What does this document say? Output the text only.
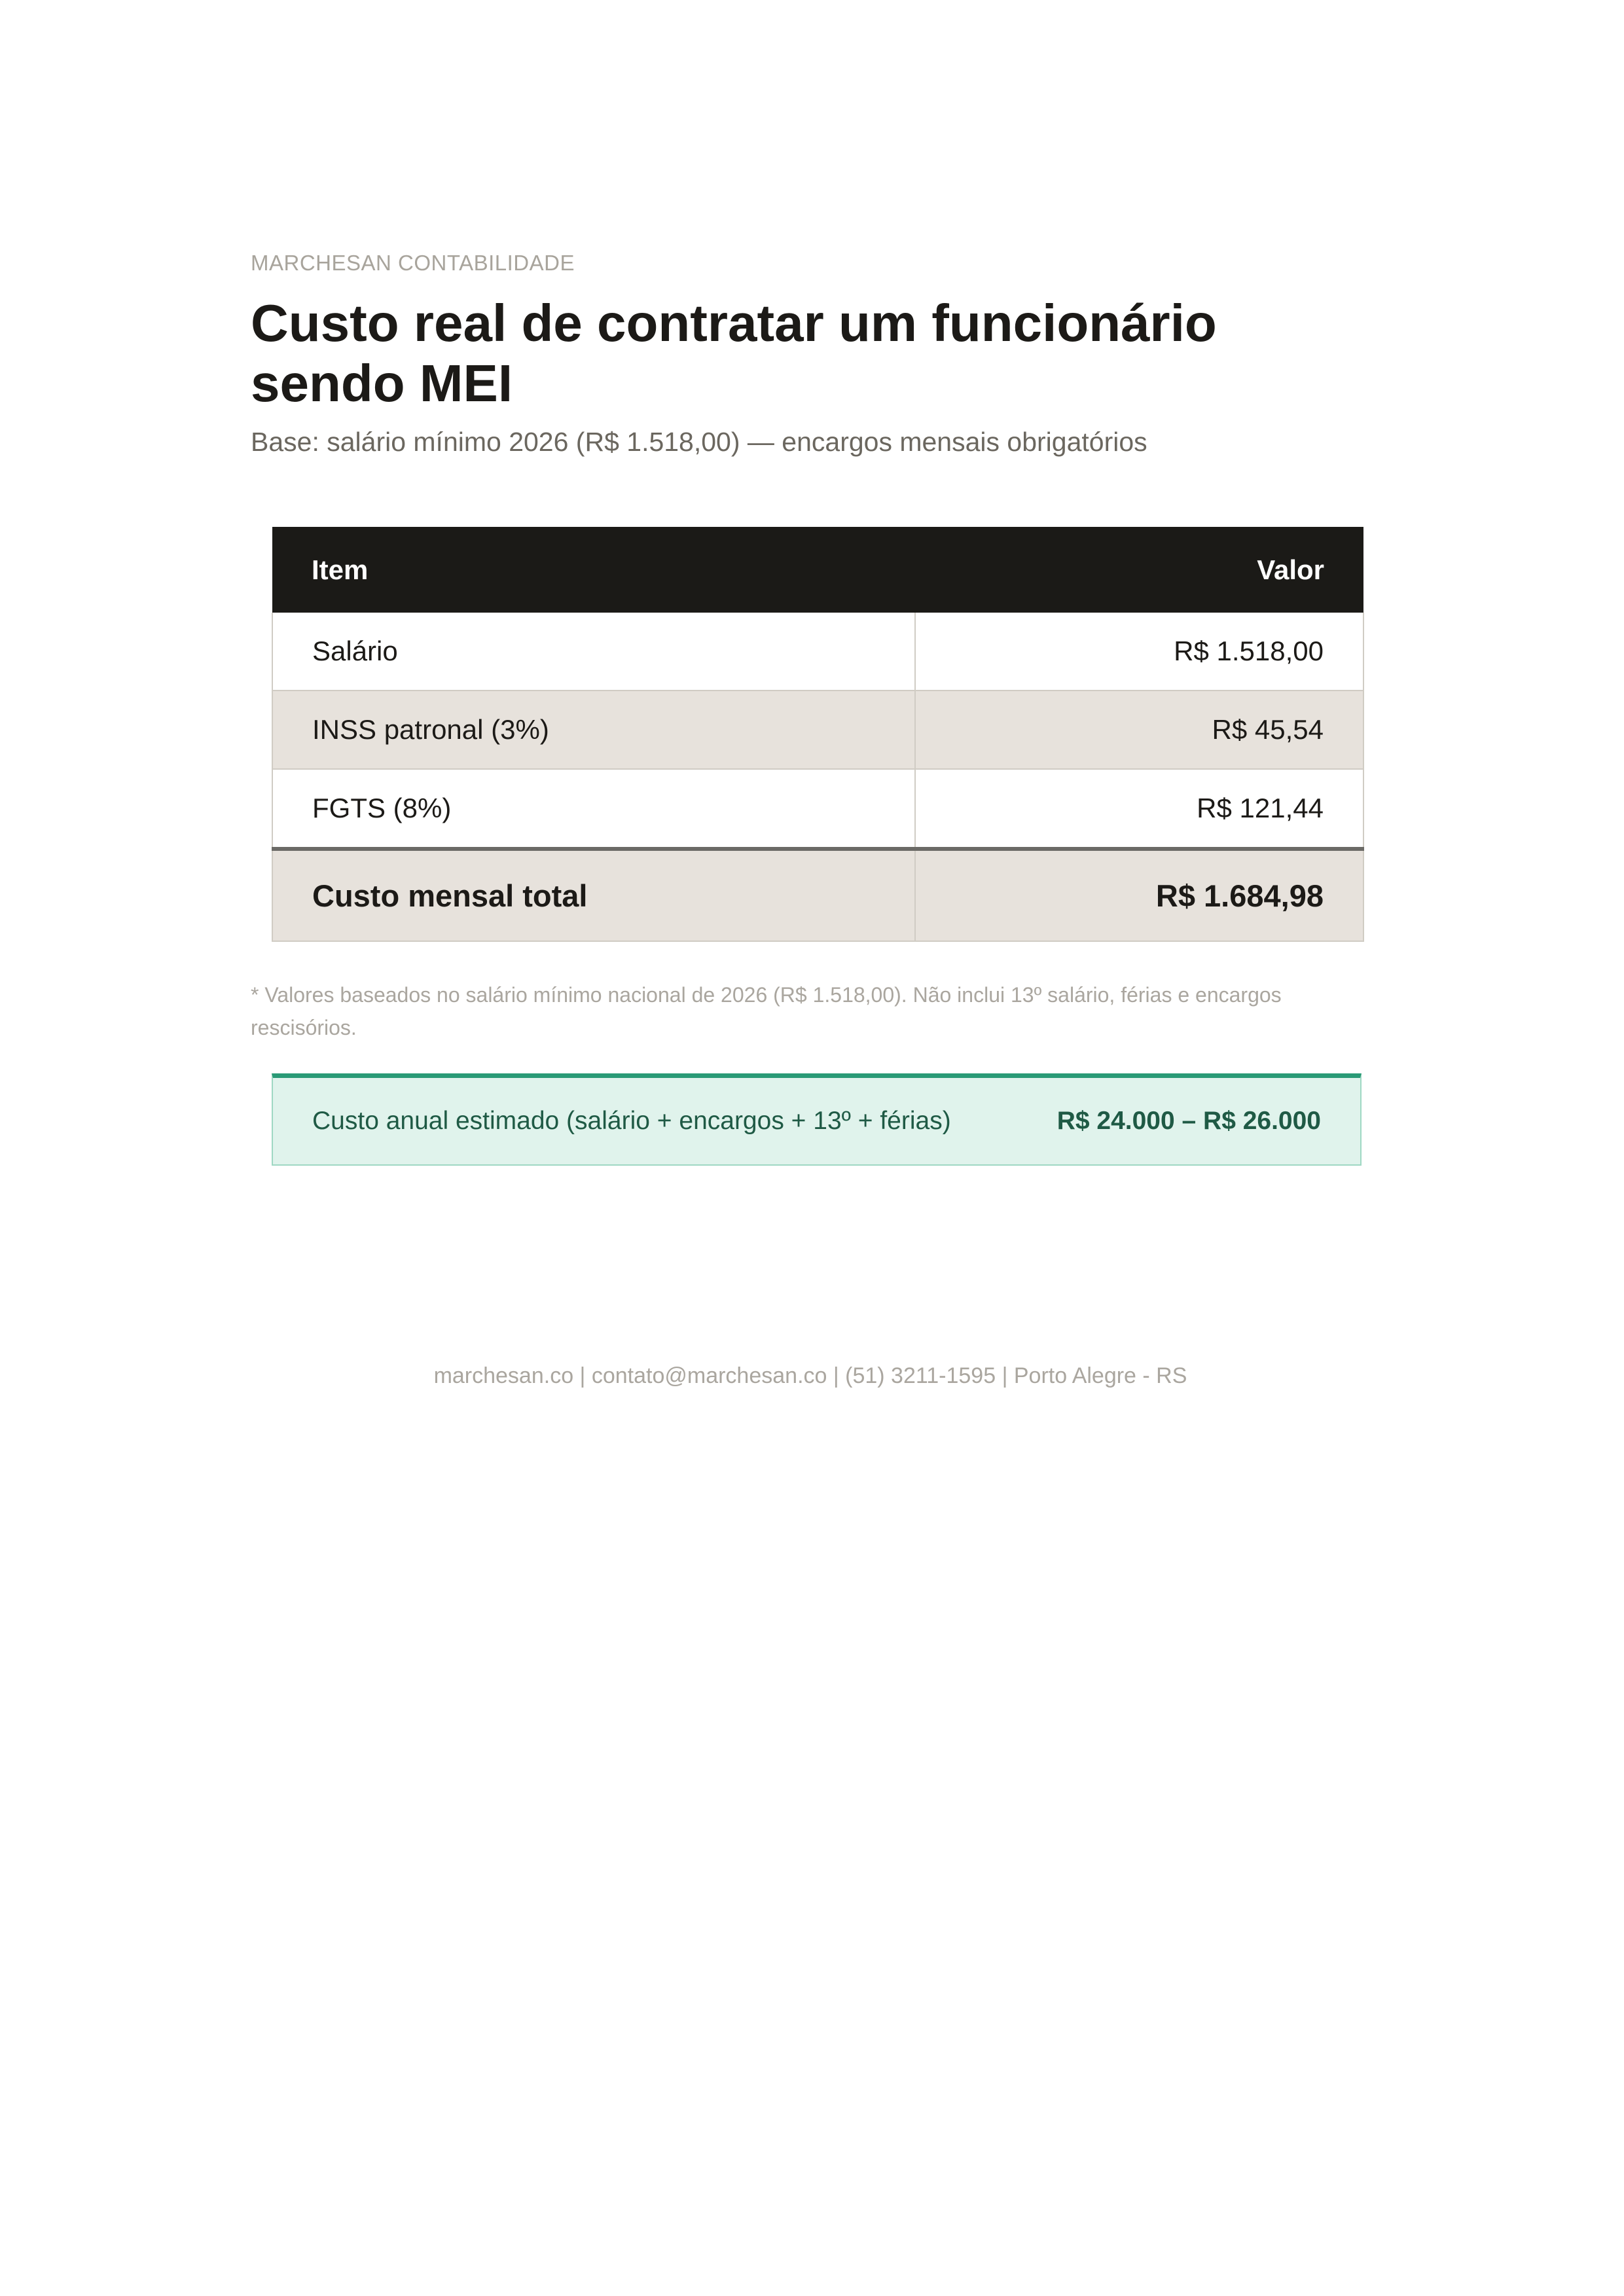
MARCHESAN CONTABILIDADE
Custo real de contratar um funcionário sendo MEI
Base: salário mínimo 2026 (R$ 1.518,00) — encargos mensais obrigatórios
Item	Valor
Salário	R$ 1.518,00
INSS patronal (3%)	R$ 45,54
FGTS (8%)	R$ 121,44
Custo mensal total	R$ 1.684,98
* Valores baseados no salário mínimo nacional de 2026 (R$ 1.518,00). Não inclui 13º salário, férias e encargos rescisórios.
Custo anual estimado (salário + encargos + 13º + férias)	R$ 24.000 – R$ 26.000
marchesan.co | contato@marchesan.co | (51) 3211-1595 | Porto Alegre - RS
